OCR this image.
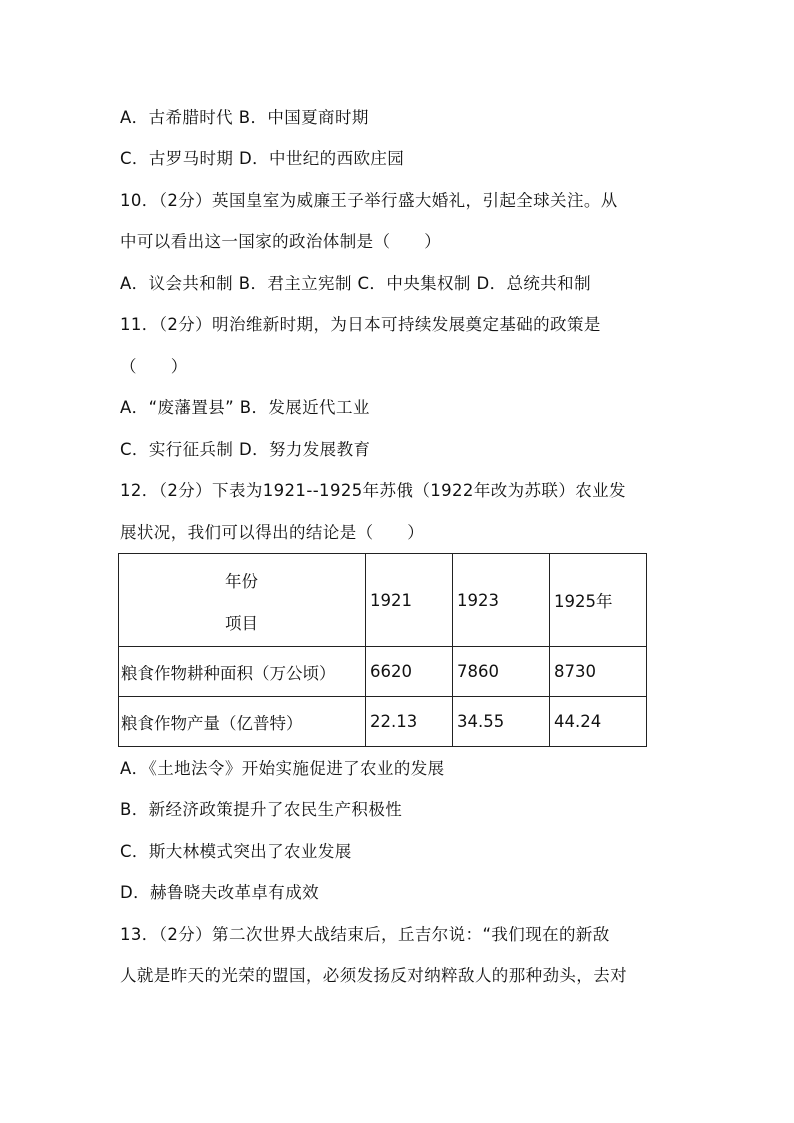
A．古希腊时代 B．中国夏商时期
C．古罗马时期 D．中世纪的西欧庄园
10．（2分）英国皇室为威廉王子举行盛大婚礼，引起全球关注。从
中可以看出这一国家的政治体制是（　　）
A．议会共和制 B．君主立宪制 C．中央集权制 D．总统共和制
11．（2分）明治维新时期，为日本可持续发展奠定基础的政策是
（　　）
A．“废藩置县” B．发展近代工业
C．实行征兵制 D．努力发展教育
12．（2分）下表为1921--1925年苏俄（1922年改为苏联）农业发
展状况，我们可以得出的结论是（　　）
年份
项目	1921	1923	1925年
粮食作物耕种面积（万公顷）	6620	7860	8730
粮食作物产量（亿普特）	22.13	34.55	44.24
A．《土地法令》开始实施促进了农业的发展
B．新经济政策提升了农民生产积极性
C．斯大林模式突出了农业发展
D．赫鲁晓夫改革卓有成效
13．（2分）第二次世界大战结束后，丘吉尔说：“我们现在的新敌
人就是昨天的光荣的盟国，必须发扬反对纳粹敌人的那种劲头，去对
